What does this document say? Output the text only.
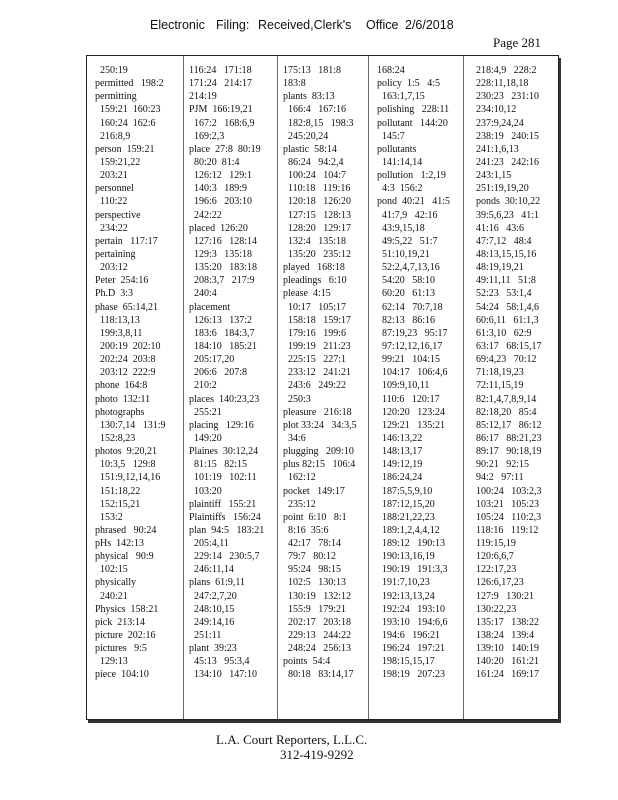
Electronic Filing: Received,Clerk's Office 2/6/2018
Page 281
250:19
permitted   198:2
permitting
159:21  160:23
160:24  162:6
216:8,9
person  159:21
159:21,22
203:21
personnel
110:22
perspective
234:22
pertain   117:17
pertaining
203:12
Peter  254:16
Ph.D  3:3
phase  65:14,21
118:13,13
199:3,8,11
200:19  202:10
202:24  203:8
203:12  222:9
phone  164:8
photo  132:11
photographs
130:7,14   131:9
152:8,23
photos  9:20,21
10:3,5   129:8
151:9,12,14,16
151:18,22
152:15,21
153:2
phrased   90:24
pHs  142:13
physical   90:9
102:15
physically
240:21
Physics  158:21
pick  213:14
picture  202:16
pictures   9:5
129:13
piece  104:10
116:24   171:18
171:24   214:17
214:19
PJM  166:19,21
167:2   168:6,9
169:2,3
place  27:8  80:19
80:20  81:4
126:12   129:1
140:3   189:9
196:6   203:10
242:22
placed  126:20
127:16   128:14
129:3   135:18
135:20   183:18
208:3,7   217:9
240:4
placement
126:13   137:2
183:6   184:3,7
184:10   185:21
205:17,20
206:6   207:8
210:2
places  140:23,23
255:21
placing   129:16
149:20
Plaines  30:12,24
81:15   82:15
101:19   102:11
103:20
plaintiff   155:21
Plaintiffs   156:24
plan  94:5   183:21
205:4,11
229:14   230:5,7
246:11,14
plans  61:9,11
247:2,7,20
248:10,15
249:14,16
251:11
plant  39:23
45:13   95:3,4
134:10   147:10
175:13   181:8
183:8
plants  83:13
166:4   167:16
182:8,15   198:3
245:20,24
plastic  58:14
86:24   94:2,4
100:24   104:7
110:18   119:16
120:18   126:20
127:15   128:13
128:20   129:17
132:4   135:18
135:20   235:12
played   168:18
pleadings   6:10
please  4:15
10:17   105:17
158:18   159:17
179:16   199:6
199:19   211:23
225:15   227:1
233:12   241:21
243:6   249:22
250:3
pleasure   216:18
plot 33:24   34:3,5
34:6
plugging   209:10
plus 82:15   106:4
162:12
pocket   149:17
235:12
point  6:10   8:1
8:16  35:6
42:17   78:14
79:7   80:12
95:24   98:15
102:5   130:13
130:19   132:12
155:9   179:21
202:17   203:18
229:13   244:22
248:24   256:13
points  54:4
80:18   83:14,17
168:24
policy  1:5   4:5
163:1,7,15
polishing   228:11
pollutant   144:20
145:7
pollutants
141:14,14
pollution   1:2,19
4:3  156:2
pond  40:21   41:5
41:7,9   42:16
43:9,15,18
49:5,22   51:7
51:10,19,21
52:2,4,7,13,16
54:20   58:10
60:20   61:13
62:14   70:7,18
82:13   86:16
87:19,23   95:17
97:12,12,16,17
99:21   104:15
104:17   106:4,6
109:9,10,11
110:6   120:17
120:20   123:24
129:21   135:21
146:13,22
148:13,17
149:12,19
186:24,24
187:5,5,9,10
187:12,15,20
188:21,22,23
189:1,2,4,4,12
189:12   190:13
190:13,16,19
190:19   191:3,3
191:7,10,23
192:13,13,24
192:24   193:10
193:10   194:6,6
194:6   196:21
196:24   197:21
198:15,15,17
198:19   207:23
218:4,9   228:2
228:11,18,18
230:23   231:10
234:10,12
237:9,24,24
238:19   240:15
241:1,6,13
241:23   242:16
243:1,15
251:19,19,20
ponds  30:10,22
39:5,6,23   41:1
41:16   43:6
47:7,12   48:4
48:13,15,15,16
48:19,19,21
49:11,11   51:8
52:23   53:1,4
54:24   58:1,4,6
60:6,11   61:1,3
61:3,10   62:9
63:17   68:15,17
69:4,23   70:12
71:18,19,23
72:11,15,19
82:1,4,7,8,9,14
82:18,20   85:4
85:12,17   86:12
86:17   88:21,23
89:17   90:18,19
90:21   92:15
94:2   97:11
100:24   103:2,3
103:21   105:23
105:24   110:2,3
118:16   119:12
119:15,19
120:6,6,7
122:17,23
126:6,17,23
127:9   130:21
130:22,23
135:17   138:22
138:24   139:4
139:10   140:19
140:20   161:21
161:24   169:17
L.A. Court Reporters, L.L.C.
312-419-9292
